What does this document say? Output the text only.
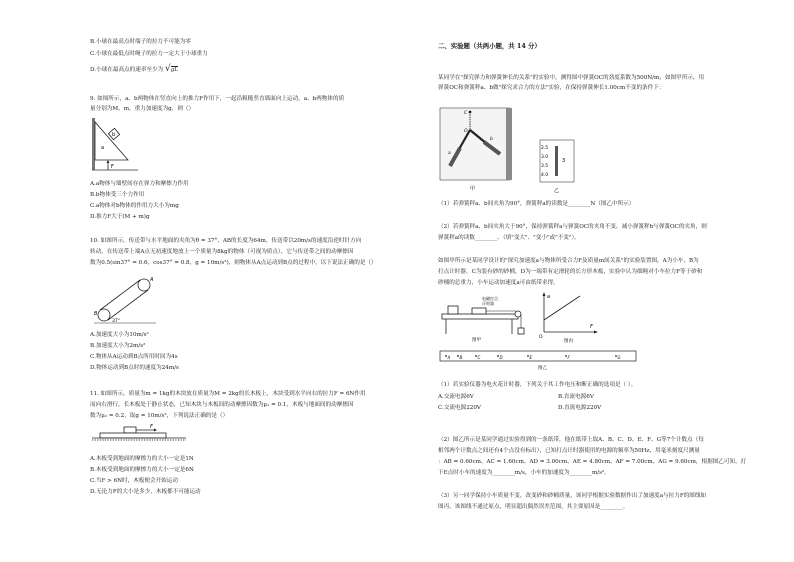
B.小球在最高点时端子的拉力不可能为零
C.小球在最低点时绳子的拉力一定大于小球重力
D.小球在最高点的速率至少为 √gL
9. 如图所示，a、b两物体在竖直向上的推力F作用下，一起沿粗糙竖直墙面向上运动，a、b两物体的质
量分别为M、m，重力加速度为g，则（）
b
a
F
A.a物体与墙壁间存在弹力和摩擦力作用
B.b物体受三个力作用
C.a物体对b物体的作用力大小为mg
D.推力F大于(M + m)g
10. 如图所示，传送带与水平地面的夹角为θ = 37°，AB的长度为64m，传送带以20m/s的速度沿逆时针方向
转动，在传送带上端A点无初速度地放上一个质量为8kg的物体（可视为质点），它与传送带之间的动摩擦因
数为0.5(sin37° = 0.6，cos37° = 0.8，g = 10m/s²)，则物体从A点运动到B点的过程中，以下说法正确的是（）
A
B
37°
A.加速度大小为10m/s²
B.加速度大小为2m/s²
C.物体从A运动到B点所用时间为4s
D.物体运动到B点时的速度为24m/s
11. 如图所示，质量为m = 1kg的木块放在质量为M = 2kg的长木板上，木块受到水平向右的拉力F = 6N作用
而向右滑行，长木板处于静止状态，已知木块与木板间的动摩擦因数为μ₁ = 0.1，木板与地面间的动摩擦因
数为μ₂ = 0.2，取g = 10m/s²，下列说法正确的是（）
F
A.木板受到地面的摩擦力的大小一定是1N
B.木板受到地面的摩擦力的大小一定是6N
C.当F > 6N时，木板便会开始运动
D.无论力F的大小是多少，木板都不可能运动
二、实验题（共两小题，共 14 分）
某同学在"探究弹力和弹簧伸长的关系"的实验中，测得图中弹簧OC的劲度系数为500N/m，如图甲所示，用
弹簧OC和弹簧秤a、b做"探究求合力的方法"实验，在保持弹簧伸长1.00cm不变的条件下：
C
O
a
b
甲
2.5
3.0
3.5
4.0
3
乙
（1）若弹簧秤a、b间夹角为90°，弹簧秤a的读数是________N（图乙中所示）
（2）若弹簧秤a、b间夹角大于90°，保持弹簧秤a与弹簧OC的夹角不变，减小弹簧秤b与弹簧OC的夹角，则
弹簧秤a的读数________、（填"变大"、"变小"或"不变"）。
如图甲所示是某同学设计的"探究加速度a与物体所受合力F及质量m间关系"的实验装置图，A为小车，B为
打点计时器，C为装有砂的砂桶，D为一端带有定滑轮的长方形木板，实验中认为细绳对小车拉力F等于砂和
砂桶的总重力，小车运动加速度a可由纸带求得。
电磁打点
计时器
图甲
a
F
O
图丙
A B	C	D	E	F	G
图乙
（1）若实验仪器为电火花计时器，下列关于其工作电压和断正确的选项是（ ）。
A.交流电源6V	B.直流电源6V
C.交流电源220V	D.直流电源220V
（2）图乙所示是某同学通过实验得到的一条纸带，他在纸带上取A、B、C、D、E、F、G等7个计数点（每
相邻两个计数点之间还有4个点没有标出），已知打点计时器使用的电源的频率为50Hz，用毫米刻度尺测量
：AB = 0.60cm、AC = 1.60cm、AD = 3.00cm、AE = 4.80cm、AF = 7.00cm、AG = 9.60cm，根据图乙可知，打
下E点时小车的速度为________m/s，小车的加速度为________m/s²。
（3）另一同学保持小车质量不变，改变砂和砂桶质量，该同学根据实验数据作出了加速度a与拉力F的图线如
图丙，该图线不通过原点，明显超出偶然误差范围，其主要原因是________。
